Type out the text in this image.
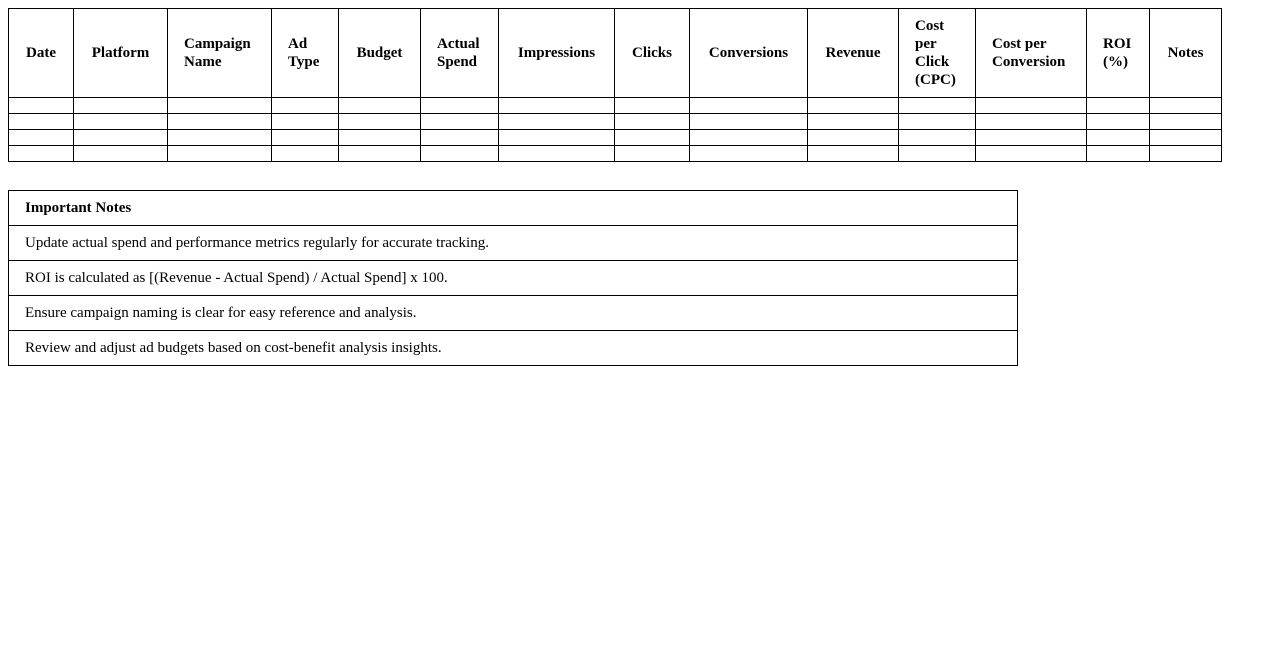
Date	Platform	Campaign Name	Ad Type	Budget	Actual Spend	Impressions	Clicks	Conversions	Revenue	Cost per Click (CPC)	Cost per Conversion	ROI (%)	Notes

Important Notes
Update actual spend and performance metrics regularly for accurate tracking.
ROI is calculated as [(Revenue - Actual Spend) / Actual Spend] x 100.
Ensure campaign naming is clear for easy reference and analysis.
Review and adjust ad budgets based on cost-benefit analysis insights.
